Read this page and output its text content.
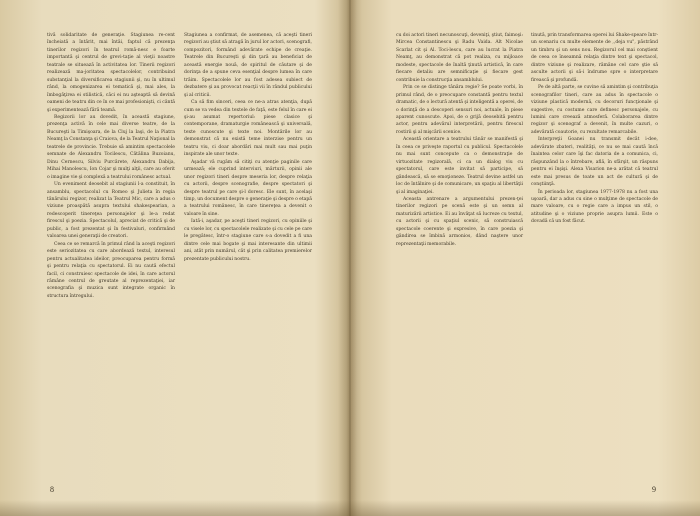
tivă solidaritate de generaţie. Stagiunea re-cent încheiată a întărit, mai întâi, faptul că prezenţa tinerilor regizori în teatrul româ-nesc e foarte importantă şi centrul de grevi-taţie al vieţii noastre teatrale se situează în activitatea lor. Tinerii regizori realizează ma-joritatea spectacolelor, contribuind substanţial la diversificarea stagiunii şi, nu în ultimul rând, la omogenizarea ei tematică şi, mai ales, la îmbogăţirea ei stilistică, căci ei nu aşteaptă să devină oameni de teatru din ce în ce mai profesionişti, ci cântă şi experimentează fără teamă.

Regizorii lor au dovedit, în această stagiune, prezenţa activă în cele mai diverse teatre, de la Bucureşti la Timişoara, de la Cluj la Iaşi, de la Piatra Neamţ la Constanţa şi Craiova, de la Teatrul Naţional la teatrele de provincie. Trebuie să amintim spectacolele semnate de Alexandru Tocilescu, Cătălina Buzoianu, Dinu Cernescu, Silviu Purcărete, Alexandru Dabija, Mihai Manolescu, Ion Cojar şi mulţi alţii, care au oferit o imagine vie şi complexă a teatrului românesc actual.

Un eveniment deosebit al stagiunii l-a constituit, în ansamblu, spectacolul cu Romeo şi Julieta în regia tânărului regizor, realizat la Teatrul Mic, care a adus o viziune proaspătă asupra textului shakespearian, a redescoperit tinereţea personajelor şi le-a redat firescul şi poezia. Spectacolul, apreciat de critică şi de public, a fost prezentat şi în festivaluri, confirmând valoarea unei generaţii de creatori.

Ceea ce se remarcă în primul rând la aceşti regizori este seriozitatea cu care abordează textul, interesul pentru actualitatea ideilor, preocuparea pentru formă şi pentru relaţia cu spectatorul. Ei nu caută efectul facil, ci construiesc spectacole de idei, în care actorul rămâne centrul de greutate al reprezentaţiei, iar scenografia şi muzica sunt integrate organic în structura întregului.

Stagiunea a confirmat, de asemenea, că aceşti tineri regizori au ştiut să atragă în jurul lor actori, scenografi, compozitori, formând adevărate echipe de creaţie. Teatrele din Bucureşti şi din ţară au beneficiat de această energie nouă, de spiritul de căutare şi de dorinţa de a spune ceva esenţial despre lumea în care trăim. Spectacolele lor au fost adesea subiect de dezbatere şi au provocat reacţii vii în rândul publicului şi al criticii.

Ca să fim sinceri, ceea ce ne-a atras atenţia, după cum se va vedea din textele de faţă, este felul în care ei şi-au asumat repertoriul: piese clasice şi contemporane, dramaturgie românească şi universală, texte cunoscute şi texte noi. Montările lor au demonstrat că nu există teme interzise pentru un teatru viu, ci doar abordări mai mult sau mai puţin inspirate ale unor texte.

Aşadar vă rugăm să citiţi cu atenţie paginile care urmează; ele cuprind interviuri, mărturii, opinii ale unor regizori tineri despre meseria lor, despre relaţia cu actorii, despre scenografie, despre spectatori şi despre teatrul pe care şi-l doresc. Ele sunt, în acelaşi timp, un document despre o generaţie şi despre o etapă a teatrului românesc, în care tinereţea a devenit o valoare în sine.

Iată-i, aşadar, pe aceşti tineri regizori, cu opiniile şi cu visele lor, cu spectacolele realizate şi cu cele pe care le pregătesc, într-o stagiune care s-a dovedit a fi una dintre cele mai bogate şi mai interesante din ultimii ani, atât prin numărul, cât şi prin calitatea premierelor prezentate publicului nostru.

8

cu doi actori tineri necunoscuţi, deveniţi, ştiut, faimoşi: Mircea Constantinescu şi Radu Vaida. Alt Nicolae Scarlat cit şi Al. Toci-lescu, care au lucrat la Piatra Neamţ, au demonstrat că pot realiza, cu mijloace modeste, spectacole de înaltă ţinută artistică, în care fiecare detaliu are semnificaţie şi fiecare gest contribuie la construcţia ansamblului.

Prin ce se distinge tânăra regie? Se poate vorbi, în primul rând, de o preocupare constantă pentru textul dramatic, de o lectură atentă şi inteligentă a operei, de o dorinţă de a descoperi sensuri noi, actuale, în piese aparent cunoscute. Apoi, de o grijă deosebită pentru actor, pentru adevărul interpretării, pentru firescul rostirii şi al mişcării scenice.

Această orientare a teatrului tânăr se manifestă şi în ceea ce priveşte raportul cu publicul. Spectacolele nu mai sunt concepute ca o demonstraţie de virtuozitate regizorală, ci ca un dialog viu cu spectatorul, care este invitat să participe, să gândească, să se emoţioneze. Teatrul devine astfel un loc de întâlnire şi de comunicare, un spaţiu al libertăţii şi al imaginaţiei.

Aceasta antrenare a argumentului prezen-ţei tinerilor regizori pe scenă este şi un semn al maturizării artistice. Ei au învăţat să lucreze cu textul, cu actorii şi cu spaţiul scenic, să construiască spectacole coerente şi expresive, în care poezia şi gândirea se îmbină armonios, dând naştere unor reprezentaţii memorabile.

tinută, prin transformarea operei lui Shake-speare într-un scenariu cu multe elemente de ,,deja vu", păstrând un timbru şi un sens nou. Regizorul cel mai conştient de ceea ce înseamnă relaţia dintre text şi spectacol, dintre viziune şi realizare, rămâne cel care ştie să asculte actorii şi să-i îndrume spre o interpretare firească şi profundă.

Pe de altă parte, se cuvine să amintim şi contribuţia scenografilor tineri, care au adus în spectacole o viziune plastică modernă, cu decoruri funcţionale şi sugestive, cu costume care definesc personajele, cu lumini care creează atmosferă. Colaborarea dintre regizor şi scenograf a devenit, în multe cazuri, o adevărată coautorie, cu rezultate remarcabile.

Interpreţii Goanei nu transmit decât i-dee, adevărate zbateri, realităţi, ce nu se mai caută încă înaintea celor care îşi fac datoria de a comunica, ci, răspunzând la o întrebare, află, în sfârşit, un răspuns pentru ei înşişi. Alexa Visarion ne-a arătat că teatrul este mai presus de toate un act de cultură şi de conştiinţă.

În perioada lor, stagiunea 1977-1978 nu a fost una uşoară, dar a adus cu sine o mulţime de spectacole de mare valoare, cu o regie care a impus un stil, o atitudine şi o viziune proprie asupra lumii. Este o dovadă că un fost făcut.

9
